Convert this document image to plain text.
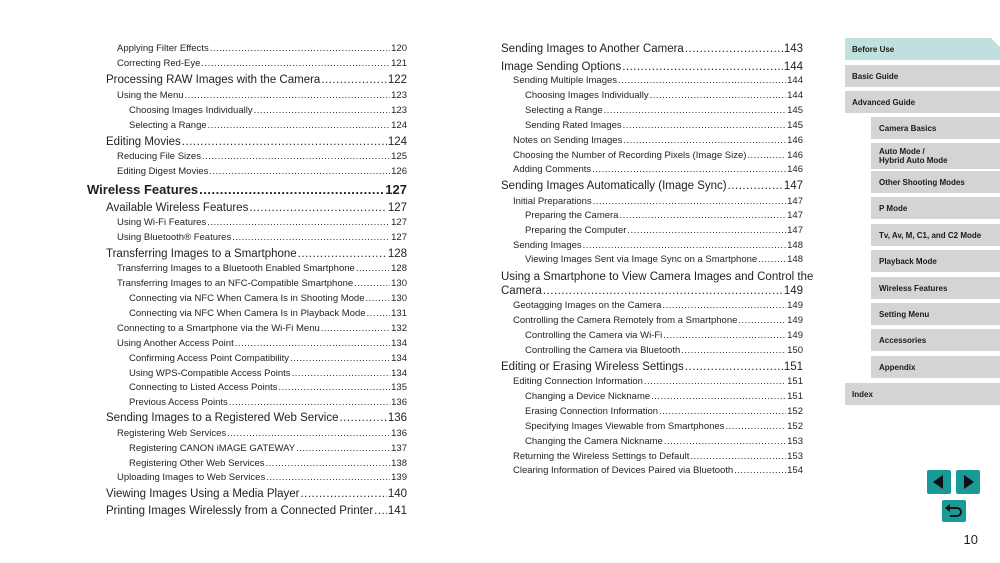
Applying Filter Effects .....	120
Correcting Red-Eye .....	121
Processing RAW Images with the Camera .....	122
Using the Menu .....	123
Choosing Images Individually .....	123
Selecting a Range .....	124
Editing Movies .....	124
Reducing File Sizes .....	125
Editing Digest Movies .....	126
Wireless Features .....	127
Available Wireless Features .....	127
Using Wi-Fi Features .....	127
Using Bluetooth® Features .....	127
Transferring Images to a Smartphone .....	128
Transferring Images to a Bluetooth Enabled Smartphone .....	128
Transferring Images to an NFC-Compatible Smartphone .....	130
Connecting via NFC When Camera Is in Shooting Mode .....	130
Connecting via NFC When Camera Is in Playback Mode .....	131
Connecting to a Smartphone via the Wi-Fi Menu .....	132
Using Another Access Point .....	134
Confirming Access Point Compatibility .....	134
Using WPS-Compatible Access Points .....	134
Connecting to Listed Access Points .....	135
Previous Access Points .....	136
Sending Images to a Registered Web Service .....	136
Registering Web Services .....	136
Registering CANON iMAGE GATEWAY .....	137
Registering Other Web Services .....	138
Uploading Images to Web Services .....	139
Viewing Images Using a Media Player .....	140
Printing Images Wirelessly from a Connected Printer ..... 141
Sending Images to Another Camera .....	143
Image Sending Options .....	144
Sending Multiple Images .....	144
Choosing Images Individually .....	144
Selecting a Range .....	145
Sending Rated Images .....	145
Notes on Sending Images .....	146
Choosing the Number of Recording Pixels (Image Size) .....	146
Adding Comments .....	146
Sending Images Automatically (Image Sync) .....	147
Initial Preparations .....	147
Preparing the Camera .....	147
Preparing the Computer .....	147
Sending Images .....	148
Viewing Images Sent via Image Sync on a Smartphone .....	148
Using a Smartphone to View Camera Images and Control the
Camera .....	149
Geotagging Images on the Camera .....	149
Controlling the Camera Remotely from a Smartphone .....	149
Controlling the Camera via Wi-Fi .....	149
Controlling the Camera via Bluetooth .....	150
Editing or Erasing Wireless Settings .....	151
Editing Connection Information .....	151
Changing a Device Nickname .....	151
Erasing Connection Information .....	152
Specifying Images Viewable from Smartphones .....	152
Changing the Camera Nickname .....	153
Returning the Wireless Settings to Default .....	153
Clearing Information of Devices Paired via Bluetooth .....	154
Before Use
Basic Guide
Advanced Guide
Camera Basics
Auto Mode /
Hybrid Auto Mode
Other Shooting Modes
P Mode
Tv, Av, M, C1, and C2 Mode
Playback Mode
Wireless Features
Setting Menu
Accessories
Appendix
Index
10
